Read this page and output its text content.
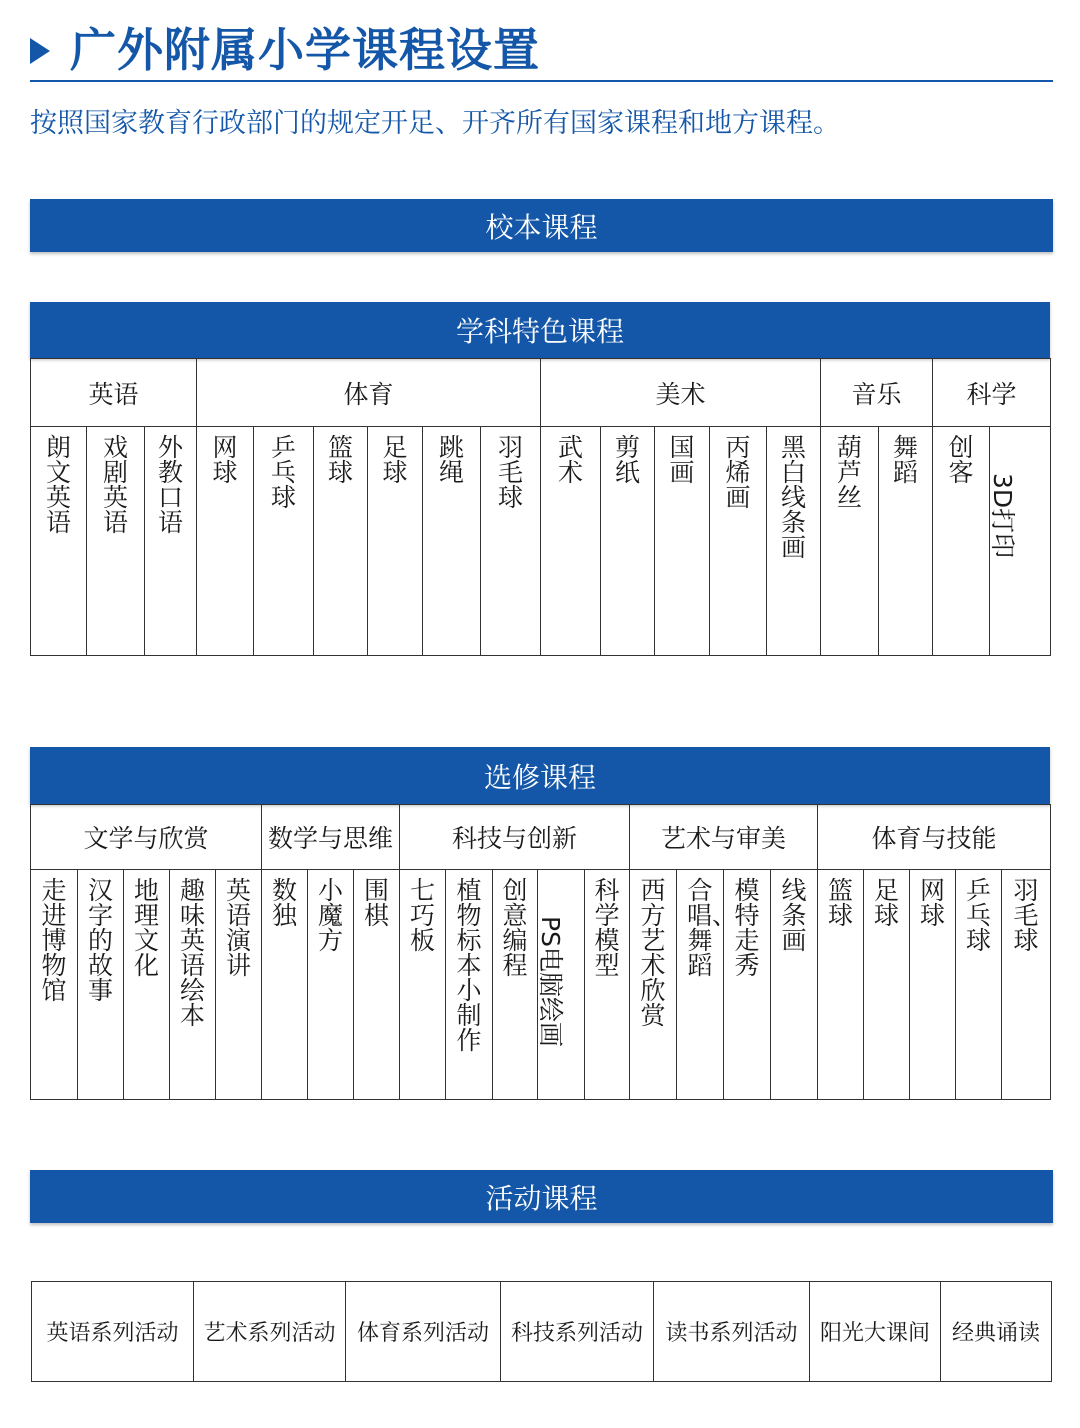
广外附属小学课程设置
按照国家教育行政部门的规定开足、开齐所有国家课程和地方课程。
校本课程
学科特色课程
英语			体育						美术					音乐		科学	
朗文英语	戏剧英语	外教口语	网球	乒乓球	篮球	足球	跳绳	羽毛球	武术	剪纸	国画	丙烯画	黑白线条画	葫芦丝	舞蹈	创客	3D打印
选修课程
文学与欣赏					数学与思维			科技与创新					艺术与审美				体育与技能				
走进博物馆	汉字的故事	地理文化	趣味英语绘本	英语演讲	数独	小魔方	围棋	七巧板	植物标本小制作	创意编程	PS电脑绘画	科学模型	西方艺术欣赏	合唱、舞蹈	模特走秀	线条画	篮球	足球	网球	乒乓球	羽毛球
活动课程
英语系列活动	艺术系列活动	体育系列活动	科技系列活动	读书系列活动	阳光大课间	经典诵读
